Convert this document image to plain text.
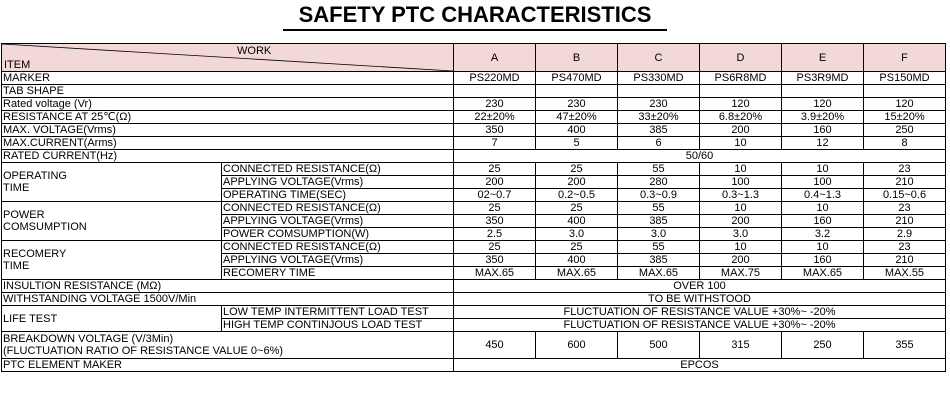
SAFETY PTC CHARACTERISTICS
WORK
ITEM		A	B	C	D	E	F
MARKER		PS220MD	PS470MD	PS330MD	PS6R8MD	PS3R9MD	PS150MD
TAB SHAPE							
Rated voltage (Vr)		230	230	230	120	120	120
RESISTANCE AT 25℃(Ω)		22±20%	47±20%	33±20%	6.8±20%	3.9±20%	15±20%
MAX. VOLTAGE(Vrms)		350	400	385	200	160	250
MAX.CURRENT(Arms)		7	5	6	10	12	8
RATED CURRENT(Hz)		50/60					

OPERATING
TIME	CONNECTED RESISTANCE(Ω)	25	25	55	10	10	23
	APPLYING VOLTAGE(Vrms)	200	200	280	100	100	210
	OPERATING TIME(SEC)	02~0.7	0.2~0.5	0.3~0.9	0.3~1.3	0.4~1.3	0.15~0.6

POWER
COMSUMPTION	CONNECTED RESISTANCE(Ω)	25	25	55	10	10	23
	APPLYING VOLTAGE(Vrms)	350	400	385	200	160	210
	POWER COMSUMPTION(W)	2.5	3.0	3.0	3.0	3.2	2.9

RECOMERY
TIME	CONNECTED RESISTANCE(Ω)	25	25	55	10	10	23
	APPLYING VOLTAGE(Vrms)	350	400	385	200	160	210
	RECOMERY TIME	MAX.65	MAX.65	MAX.65	MAX.75	MAX.65	MAX.55
INSULTION RESISTANCE (MΩ)		OVER 100					
WITHSTANDING VOLTAGE 1500V/Min		TO BE WITHSTOOD					
LIFE TEST	LOW TEMP INTERMITTENT LOAD TEST	FLUCTUATION OF RESISTANCE VALUE +30%~ -20%					
	HIGH TEMP CONTINJOUS LOAD TEST	FLUCTUATION OF RESISTANCE VALUE +30%~ -20%					

BREAKDOWN VOLTAGE (V/3Min)
(FLUCTUATION RATIO OF RESISTANCE VALUE 0~6%)		450	600	500	315	250	355
PTC ELEMENT MAKER		EPCOS					
